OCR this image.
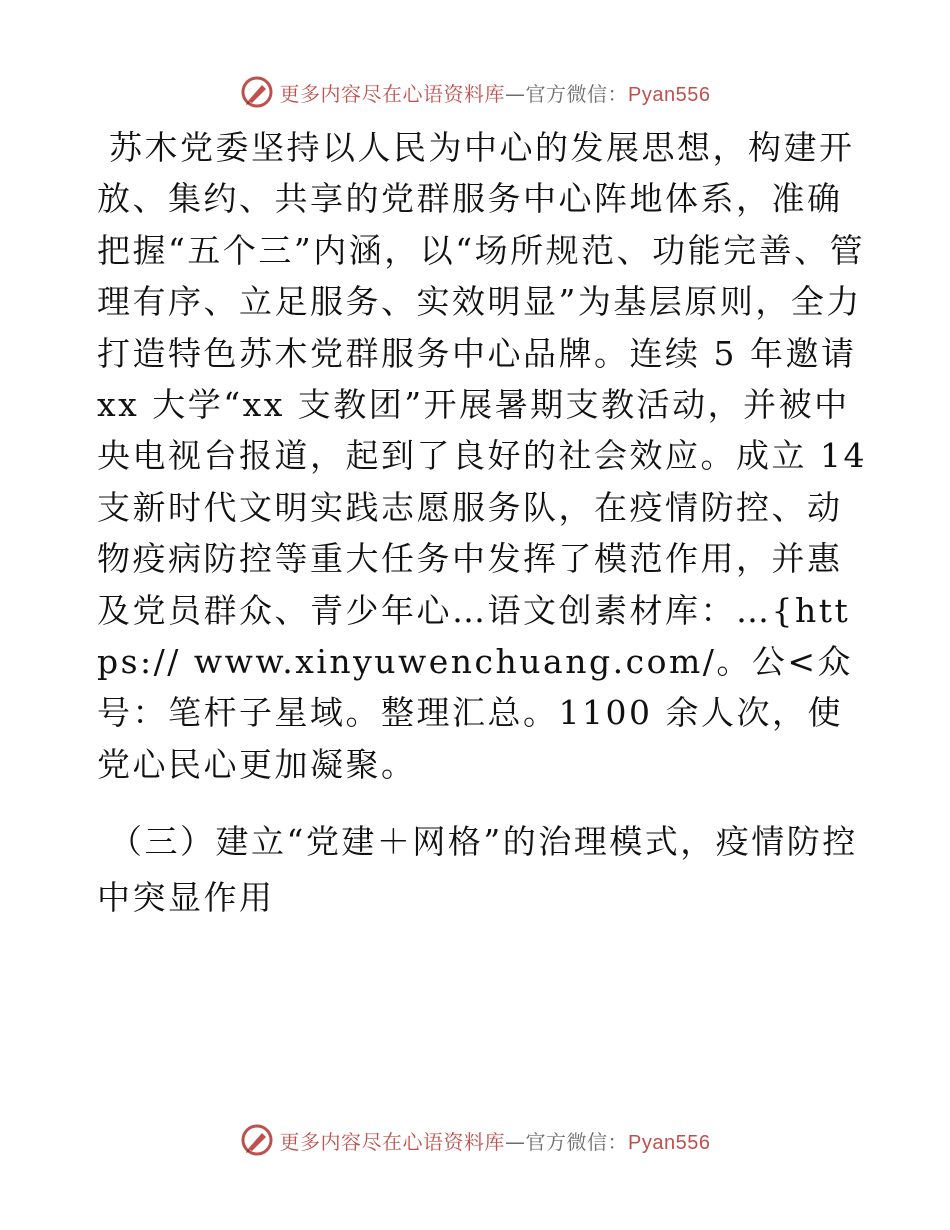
更多内容尽在心语资料库—官方微信：Pyan556

苏木党委坚持以人民为中心的发展思想，构建开放、集约、共享的党群服务中心阵地体系，准确把握“五个三”内涵，以“场所规范、功能完善、管理有序、立足服务、实效明显”为基层原则，全力打造特色苏木党群服务中心品牌。连续 5 年邀请 xx 大学“xx 支教团”开展暑期支教活动，并被中央电视台报道，起到了良好的社会效应。成立 14 支新时代文明实践志愿服务队，在疫情防控、动物疫病防控等重大任务中发挥了模范作用，并惠及党员群众、青少年心…语文创素材库：…{https:// www.xinyuwenchuang.com/。公<众号：笔杆子星域。整理汇总。1100 余人次，使党心民心更加凝聚。

（三）建立“党建＋网格”的治理模式，疫情防控中突显作用

更多内容尽在心语资料库—官方微信：Pyan556
